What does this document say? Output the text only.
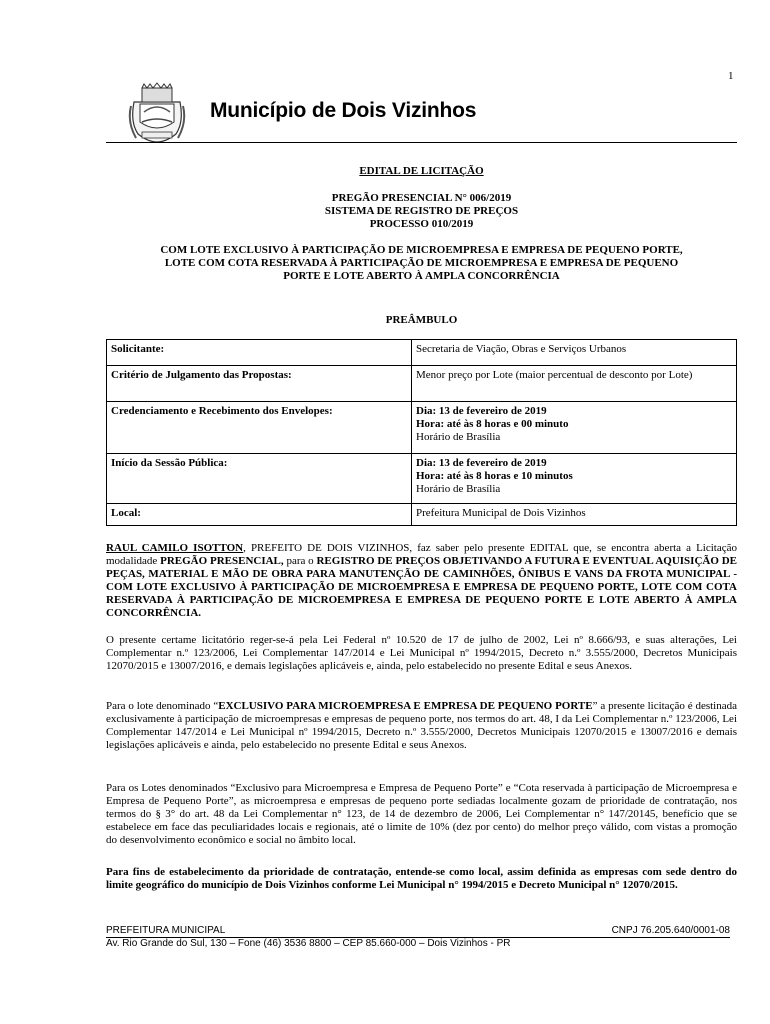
1
Município de Dois Vizinhos
EDITAL DE LICITAÇÃO
PREGÃO PRESENCIAL N° 006/2019
SISTEMA DE REGISTRO DE PREÇOS
PROCESSO 010/2019
COM LOTE EXCLUSIVO À PARTICIPAÇÃO DE MICROEMPRESA E EMPRESA DE PEQUENO PORTE,
LOTE COM COTA RESERVADA À PARTICIPAÇÃO DE MICROEMPRESA E EMPRESA DE PEQUENO
PORTE E LOTE ABERTO À AMPLA CONCORRÊNCIA
PREÂMBULO
Solicitante:	Secretaria de Viação, Obras e Serviços Urbanos
Critério de Julgamento das Propostas:	Menor preço por Lote (maior percentual de desconto por Lote)
Credenciamento e Recebimento dos Envelopes:	Dia: 13 de fevereiro de 2019
Hora: até às 8 horas e 00 minuto
Horário de Brasília

Início da Sessão Pública:	Dia: 13 de fevereiro de 2019
Hora: até às 8 horas e 10 minutos
Horário de Brasília

Local:	Prefeitura Municipal de Dois Vizinhos
RAUL CAMILO ISOTTON, PREFEITO DE DOIS VIZINHOS, faz saber pelo presente EDITAL que, se encontra aberta a Licitação modalidade PREGÃO PRESENCIAL, para o REGISTRO DE PREÇOS OBJETIVANDO A FUTURA E EVENTUAL AQUISIÇÃO DE PEÇAS, MATERIAL E MÃO DE OBRA PARA MANUTENÇÃO DE CAMINHÕES, ÔNIBUS E VANS DA FROTA MUNICIPAL - COM LOTE EXCLUSIVO À PARTICIPAÇÃO DE MICROEMPRESA E EMPRESA DE PEQUENO PORTE, LOTE COM COTA RESERVADA À PARTICIPAÇÃO DE MICROEMPRESA E EMPRESA DE PEQUENO PORTE E LOTE ABERTO À AMPLA CONCORRÊNCIA.
O presente certame licitatório reger-se-á pela Lei Federal nº 10.520 de 17 de julho de 2002, Lei nº 8.666/93, e suas alterações, Lei Complementar n.º 123/2006, Lei Complementar 147/2014 e Lei Municipal nº 1994/2015, Decreto n.º 3.555/2000, Decretos Municipais 12070/2015 e 13007/2016, e demais legislações aplicáveis e, ainda, pelo estabelecido no presente Edital e seus Anexos.
Para o lote denominado “EXCLUSIVO PARA MICROEMPRESA E EMPRESA DE PEQUENO PORTE” a presente licitação é destinada exclusivamente à participação de microempresas e empresas de pequeno porte, nos termos do art. 48, I da Lei Complementar n.º 123/2006, Lei Complementar 147/2014 e Lei Municipal nº 1994/2015, Decreto n.º 3.555/2000, Decretos Municipais 12070/2015 e 13007/2016 e demais legislações aplicáveis e ainda, pelo estabelecido no presente Edital e seus Anexos.
Para os Lotes denominados “Exclusivo para Microempresa e Empresa de Pequeno Porte” e “Cota reservada à participação de Microempresa e Empresa de Pequeno Porte”, as microempresa e empresas de pequeno porte sediadas localmente gozam de prioridade de contratação, nos termos do § 3° do art. 48 da Lei Complementar n° 123, de 14 de dezembro de 2006, Lei Complementar n° 147/20145, benefício que se estabelece em face das peculiaridades locais e regionais, até o limite de 10% (dez por cento) do melhor preço válido, com vistas a promoção do desenvolvimento econômico e social no âmbito local.
Para fins de estabelecimento da prioridade de contratação, entende-se como local, assim definida as empresas com sede dentro do limite geográfico do município de Dois Vizinhos conforme Lei Municipal n° 1994/2015 e Decreto Municipal n° 12070/2015.
PREFEITURA MUNICIPAL	CNPJ 76.205.640/0001-08
Av. Rio Grande do Sul, 130 – Fone (46) 3536 8800 – CEP 85.660-000 – Dois Vizinhos - PR
